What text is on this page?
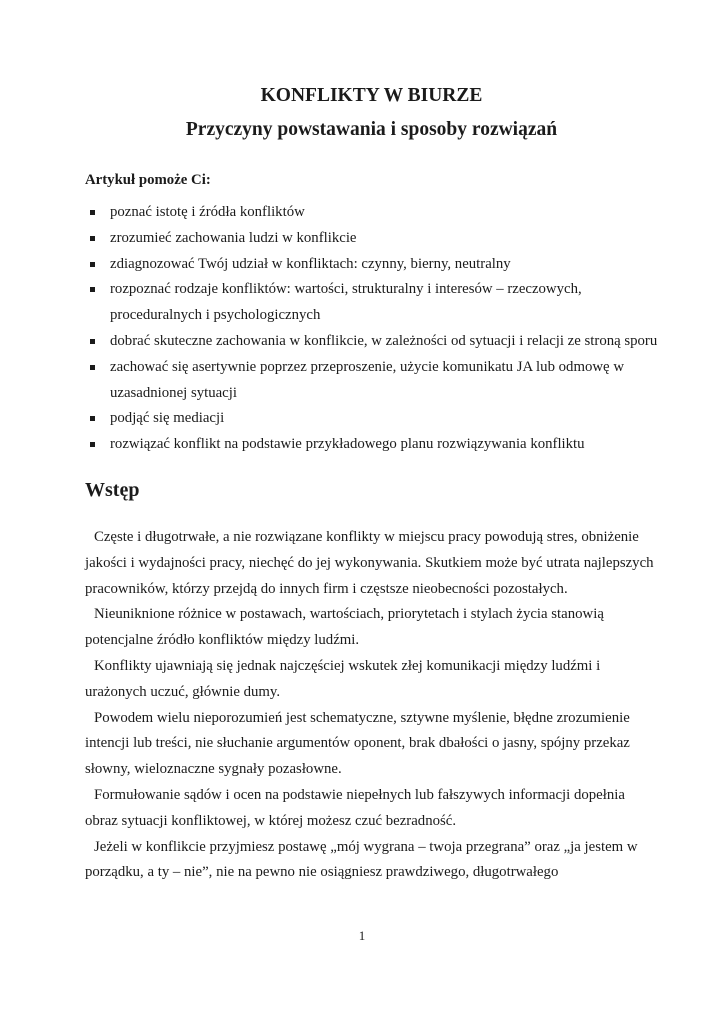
KONFLIKTY W BIURZE
Przyczyny powstawania i sposoby rozwiązań

Artykuł pomoże Ci:

poznać istotę i źródła konfliktów
zrozumieć zachowania ludzi w konflikcie
zdiagnozować Twój udział w konfliktach: czynny, bierny, neutralny
rozpoznać rodzaje konfliktów: wartości, strukturalny i interesów – rzeczowych, proceduralnych i psychologicznych
dobrać skuteczne zachowania w konflikcie, w zależności od sytuacji i relacji ze stroną sporu
zachować się asertywnie poprzez przeproszenie, użycie komunikatu JA lub odmowę w uzasadnionej sytuacji
podjąć się mediacji
rozwiązać konflikt na podstawie przykładowego planu rozwiązywania konfliktu
Wstęp

Częste i długotrwałe, a nie rozwiązane konflikty w miejscu pracy powodują stres, obniżenie jakości i wydajności pracy, niechęć do jej wykonywania. Skutkiem może być utrata najlepszych pracowników, którzy przejdą do innych firm i częstsze nieobecności pozostałych.

Nieuniknione różnice w postawach, wartościach, priorytetach i stylach życia stanowią potencjalne źródło konfliktów między ludźmi.

Konflikty ujawniają się jednak najczęściej wskutek złej komunikacji między ludźmi i urażonych uczuć, głównie dumy.

Powodem wielu nieporozumień jest schematyczne, sztywne myślenie, błędne zrozumienie intencji lub treści, nie słuchanie argumentów oponent, brak dbałości o jasny, spójny przekaz słowny, wieloznaczne sygnały pozasłowne.

Formułowanie sądów i ocen na podstawie niepełnych lub fałszywych informacji dopełnia obraz sytuacji konfliktowej, w której możesz czuć bezradność.

Jeżeli w konflikcie przyjmiesz postawę „mój wygrana – twoja przegrana” oraz „ja jestem w porządku, a ty – nie”, nie na pewno nie osiągniesz prawdziwego, długotrwałego

1
